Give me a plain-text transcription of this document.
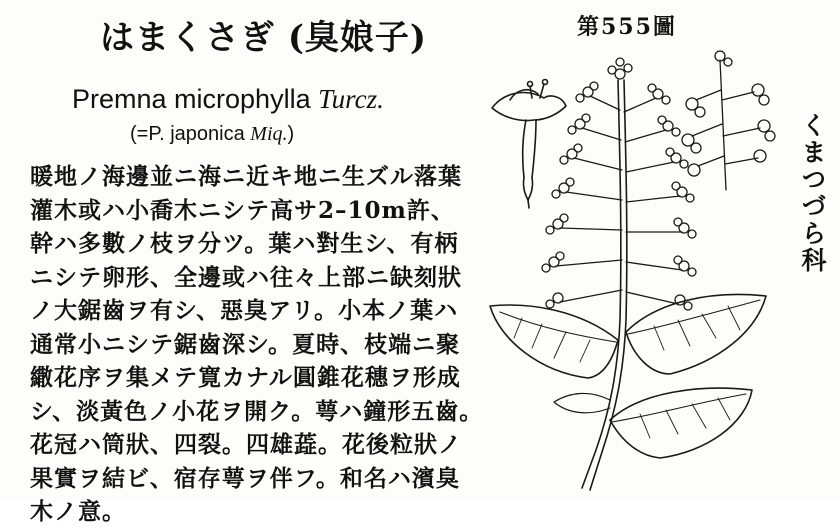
はまくさぎ (臭娘子)
Premna microphylla Turcz.
(=P. japonica Miq.)
暖地ノ海邊並ニ海ニ近キ地ニ生ズル落葉
灌木或ハ小喬木ニシテ高サ2–10m許、
幹ハ多數ノ枝ヲ分ツ。葉ハ對生シ、有柄
ニシテ卵形、全邊或ハ往々上部ニ缺刻狀
ノ大鋸齒ヲ有シ、惡臭アリ。小本ノ葉ハ
通常小ニシテ鋸齒深シ。夏時、枝端ニ聚
繖花序ヲ集メテ寛カナル圓錐花穗ヲ形成
シ、淡黃色ノ小花ヲ開ク。萼ハ鐘形五齒。
花冠ハ筒狀、四裂。四雄蕋。花後粒狀ノ
果實ヲ結ビ、宿存萼ヲ伴フ。和名ハ濱臭
木ノ意。
第555圖
くまつづら科
